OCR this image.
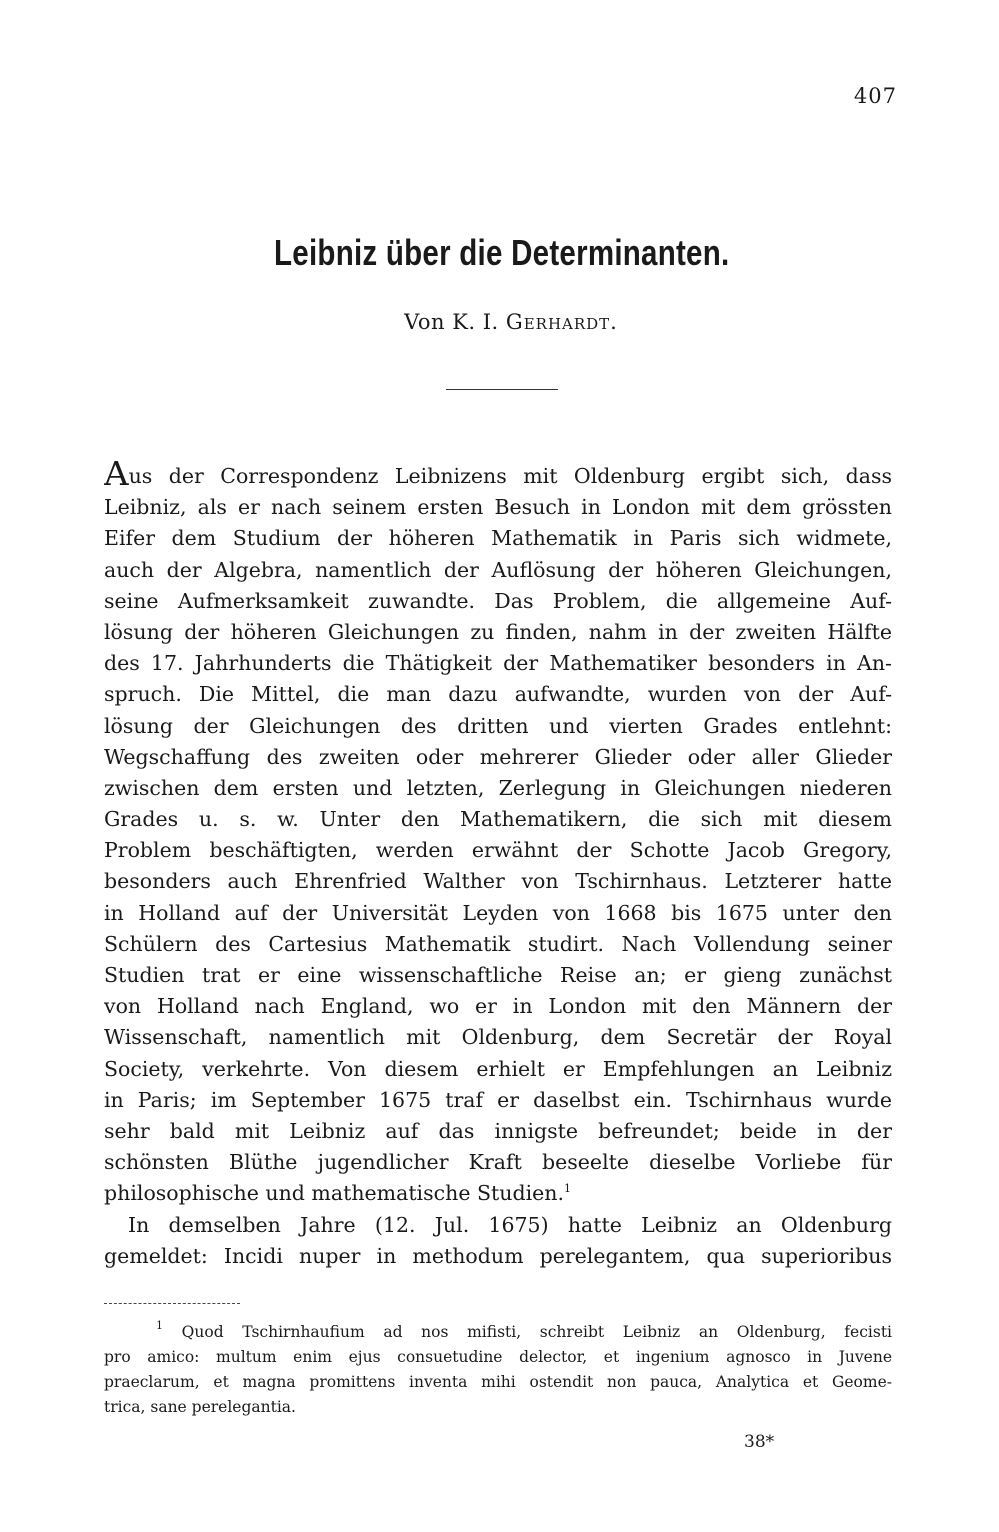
407
Leibniz über die Determinanten.
Von K. I. Gerhardt.
Aus der Correspondenz Leibnizens mit Oldenburg ergibt sich, dass
Leibniz, als er nach seinem ersten Besuch in London mit dem grössten
Eifer dem Studium der höheren Mathematik in Paris sich widmete,
auch der Algebra, namentlich der Auflösung der höheren Gleichungen,
seine Aufmerksamkeit zuwandte. Das Problem, die allgemeine Auf-
lösung der höheren Gleichungen zu finden, nahm in der zweiten Hälfte
des 17. Jahrhunderts die Thätigkeit der Mathematiker besonders in An-
spruch. Die Mittel, die man dazu aufwandte, wurden von der Auf-
lösung der Gleichungen des dritten und vierten Grades entlehnt:
Wegschaffung des zweiten oder mehrerer Glieder oder aller Glieder
zwischen dem ersten und letzten, Zerlegung in Gleichungen niederen
Grades u. s. w. Unter den Mathematikern, die sich mit diesem
Problem beschäftigten, werden erwähnt der Schotte Jacob Gregory,
besonders auch Ehrenfried Walther von Tschirnhaus. Letzterer hatte
in Holland auf der Universität Leyden von 1668 bis 1675 unter den
Schülern des Cartesius Mathematik studirt. Nach Vollendung seiner
Studien trat er eine wissenschaftliche Reise an; er gieng zunächst
von Holland nach England, wo er in London mit den Männern der
Wissenschaft, namentlich mit Oldenburg, dem Secretär der Royal
Society, verkehrte. Von diesem erhielt er Empfehlungen an Leibniz
in Paris; im September 1675 traf er daselbst ein. Tschirnhaus wurde
sehr bald mit Leibniz auf das innigste befreundet; beide in der
schönsten Blüthe jugendlicher Kraft beseelte dieselbe Vorliebe für
philosophische und mathematische Studien.$^1$
In demselben Jahre (12. Jul. 1675) hatte Leibniz an Oldenburg
gemeldet: Incidi nuper in methodum perelegantem, qua superioribus
$^1$ Quod Tschirnhaufium ad nos mifisti, schreibt Leibniz an Oldenburg, fecisti
pro amico: multum enim ejus consuetudine delector, et ingenium agnosco in Juvene
praeclarum, et magna promittens inventa mihi ostendit non pauca, Analytica et Geome-
trica, sane perelegantia.
38*
